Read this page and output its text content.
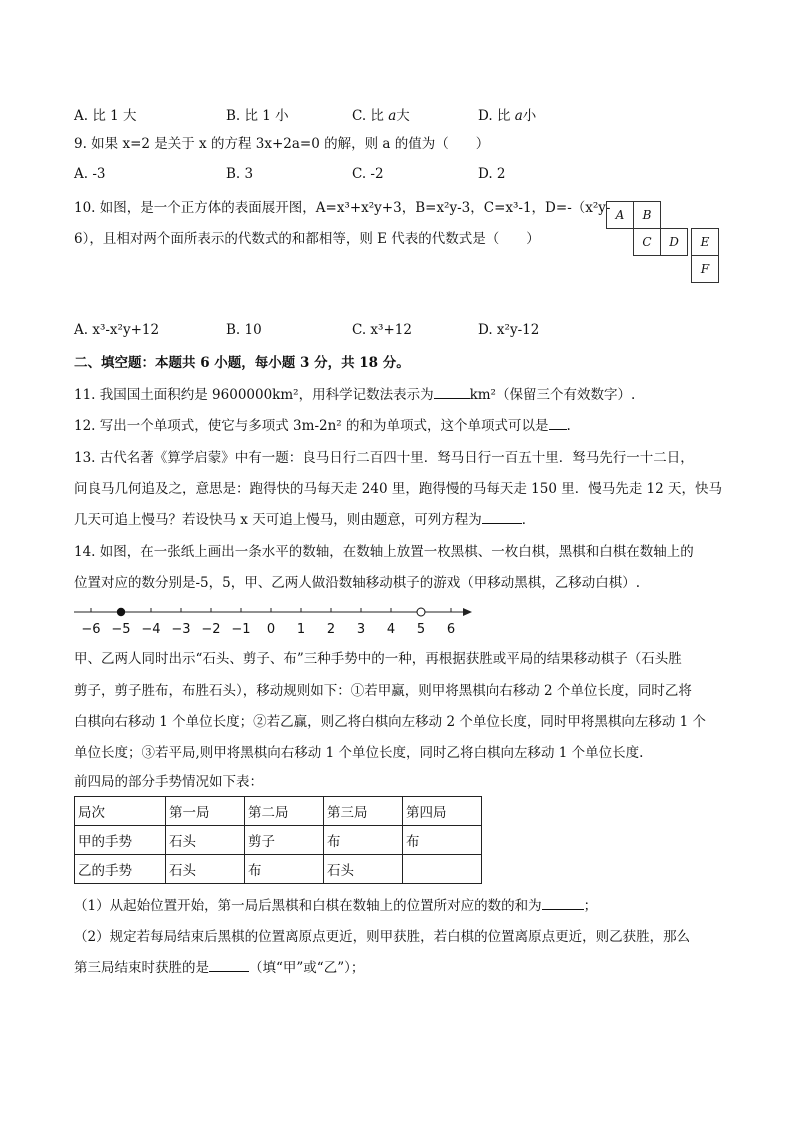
A. 比 1 大	B. 比 1 小	C. 比 a大	D. 比 a小
9. 如果 x=2 是关于 x 的方程 3x+2a=0 的解，则 a 的值为（　　）
A. -3	B. 3	C. -2	D. 2
10. 如图，是一个正方体的表面展开图，A=x³+x²y+3，B=x²y-3，C=x³-1，D=-（x²y-
6），且相对两个面所表示的代数式的和都相等，则 E 代表的代数式是（　　）
A	B
C	D	E
F
A. x³-x²y+12	B. 10	C. x³+12	D. x²y-12
二、填空题：本题共 6 小题，每小题 3 分，共 18 分。
11. 我国国土面积约是 9600000km²，用科学记数法表示为	km²（保留三个有效数字）.
12. 写出一个单项式，使它与多项式 3m-2n² 的和为单项式，这个单项式可以是 .
13. 古代名著《算学启蒙》中有一题：良马日行二百四十里．驽马日行一百五十里．驽马先行一十二日，
问良马几何追及之，意思是：跑得快的马每天走 240 里，跑得慢的马每天走 150 里．慢马先走 12 天，快马
几天可追上慢马？若设快马 x 天可追上慢马，则由题意，可列方程为	．
14. 如图，在一张纸上画出一条水平的数轴，在数轴上放置一枚黑棋、一枚白棋，黑棋和白棋在数轴上的
位置对应的数分别是-5，5，甲、乙两人做沿数轴移动棋子的游戏（甲移动黑棋，乙移动白棋）.
−6 −5 −4 −3 −2 −1 0 1 2 3 4 5 6
甲、乙两人同时出示“石头、剪子、布”三种手势中的一种，再根据获胜或平局的结果移动棋子（石头胜
剪子，剪子胜布，布胜石头），移动规则如下：①若甲赢，则甲将黑棋向右移动 2 个单位长度，同时乙将
白棋向右移动 1 个单位长度；②若乙赢，则乙将白棋向左移动 2 个单位长度，同时甲将黑棋向左移动 1 个
单位长度；③若平局,则甲将黑棋向右移动 1 个单位长度，同时乙将白棋向左移动 1 个单位长度.
前四局的部分手势情况如下表：
局次	第一局	第二局	第三局	第四局
甲的手势	石头	剪子	布	布
乙的手势	石头	布	石头	
（1）从起始位置开始，第一局后黑棋和白棋在数轴上的位置所对应的数的和为	；
（2）规定若每局结束后黑棋的位置离原点更近，则甲获胜，若白棋的位置离原点更近，则乙获胜，那么
第三局结束时获胜的是	（填“甲”或“乙”）；
